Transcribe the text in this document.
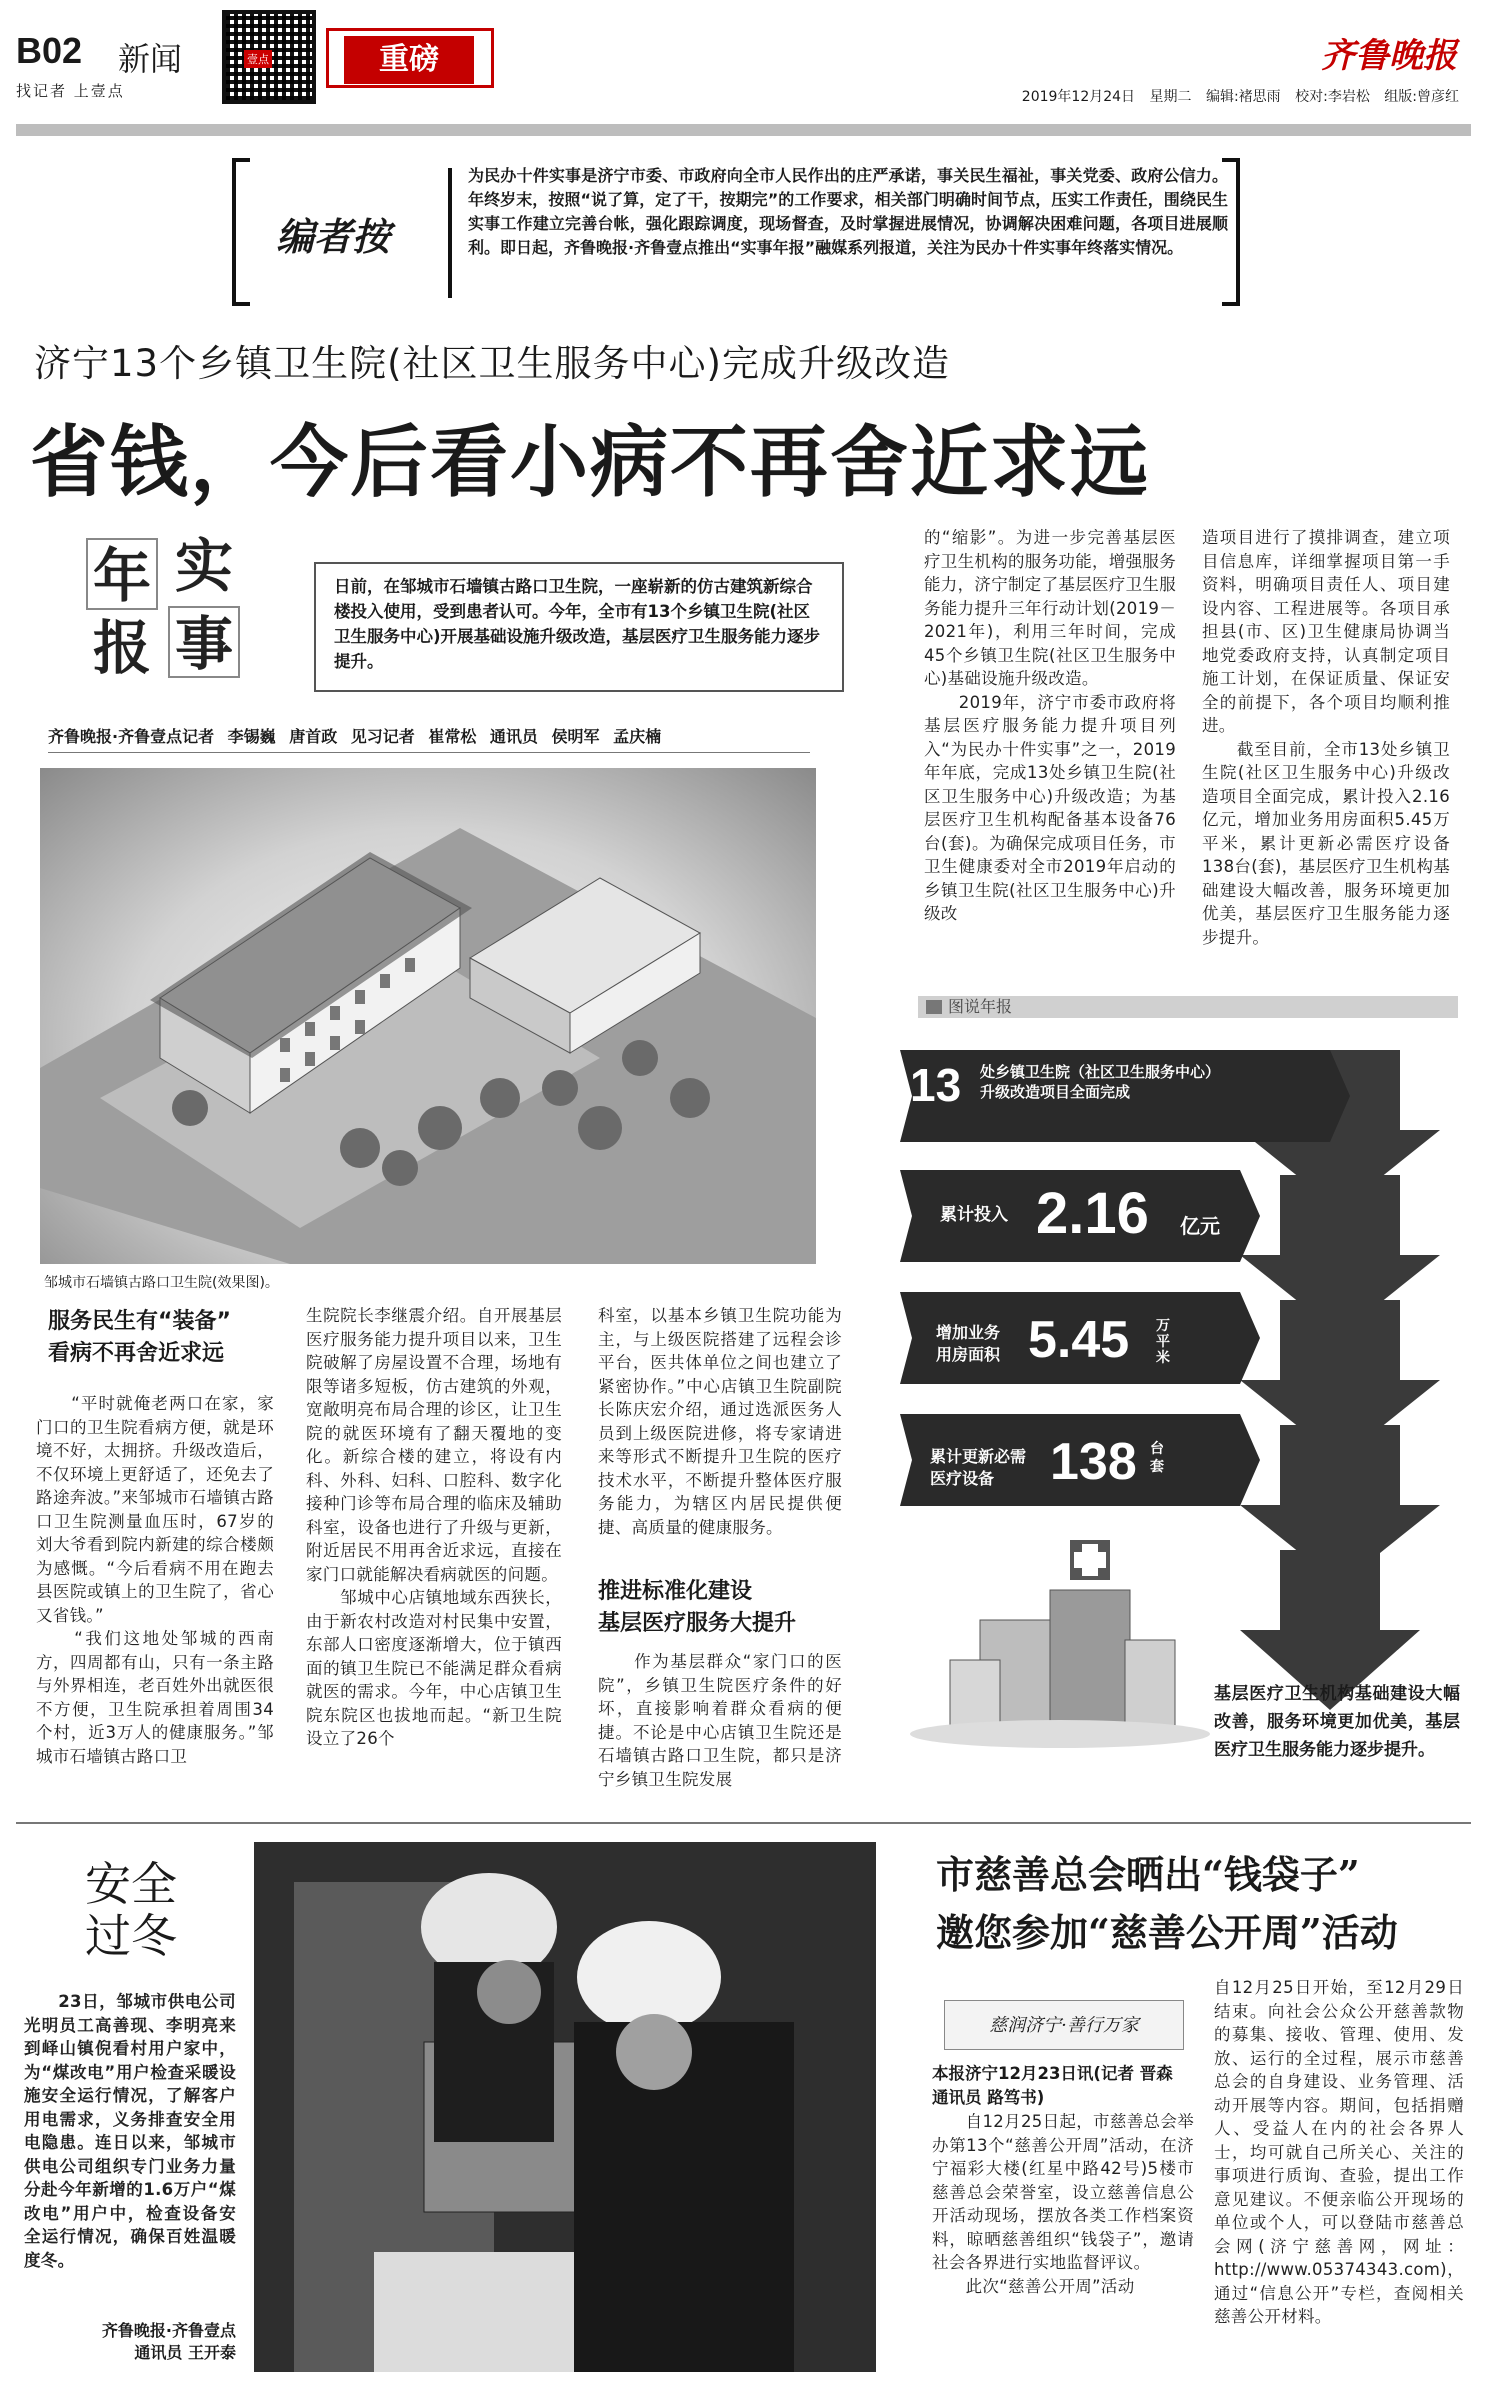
B02 新闻
找记者 上壹点
壹点	重磅	齐鲁晚报
2019年12月24日 星期二 编辑:褚思雨 校对:李岩松 组版:曾彦红
编者按
为民办十件实事是济宁市委、市政府向全市人民作出的庄严承诺，事关民生福祉，事关党委、政府公信力。年终岁末，按照“说了算，定了干，按期完”的工作要求，相关部门明确时间节点，压实工作责任，围绕民生实事工作建立完善台帐，强化跟踪调度，现场督查，及时掌握进展情况，协调解决困难问题，各项目进展顺利。即日起，齐鲁晚报·齐鲁壹点推出“实事年报”融媒系列报道，关注为民办十件实事年终落实情况。
济宁13个乡镇卫生院(社区卫生服务中心)完成升级改造
省钱，今后看小病不再舍近求远
年 实
报 事
日前，在邹城市石墙镇古路口卫生院，一座崭新的仿古建筑新综合楼投入使用，受到患者认可。今年，全市有13个乡镇卫生院(社区卫生服务中心)开展基础设施升级改造，基层医疗卫生服务能力逐步提升。
齐鲁晚报·齐鲁壹点记者 李锡巍 唐首政 见习记者 崔常松 通讯员 侯明军 孟庆楠
邹城市石墙镇古路口卫生院(效果图)。
的“缩影”。为进一步完善基层医疗卫生机构的服务功能，增强服务能力，济宁制定了基层医疗卫生服务能力提升三年行动计划(2019－2021年)，利用三年时间，完成45个乡镇卫生院(社区卫生服务中心)基础设施升级改造。
　　2019年，济宁市委市政府将基层医疗服务能力提升项目列入“为民办十件实事”之一，2019年年底，完成13处乡镇卫生院(社区卫生服务中心)升级改造；为基层医疗卫生机构配备基本设备76台(套)。为确保完成项目任务，市卫生健康委对全市2019年启动的乡镇卫生院(社区卫生服务中心)升级改
造项目进行了摸排调查，建立项目信息库，详细掌握项目第一手资料，明确项目责任人、项目建设内容、工程进展等。各项目承担县(市、区)卫生健康局协调当地党委政府支持，认真制定项目施工计划，在保证质量、保证安全的前提下，各个项目均顺利推进。
　　截至目前，全市13处乡镇卫生院(社区卫生服务中心)升级改造项目全面完成，累计投入2.16亿元，增加业务用房面积5.45万平米，累计更新必需医疗设备138台(套)，基层医疗卫生机构基础建设大幅改善，服务环境更加优美，基层医疗卫生服务能力逐步提升。
图说年报
13 处乡镇卫生院（社区卫生服务中心）
升级改造项目全面完成
累计投入 2.16 亿元
增加业务
用房面积 5.45 万平米
累计更新必需
医疗设备	138 台套
基层医疗卫生机构基础建设大幅改善，服务环境更加优美，基层医疗卫生服务能力逐步提升。
服务民生有“装备”
看病不再舍近求远
　　“平时就俺老两口在家，家门口的卫生院看病方便，就是环境不好，太拥挤。升级改造后，不仅环境上更舒适了，还免去了路途奔波。”来邹城市石墙镇古路口卫生院测量血压时，67岁的刘大爷看到院内新建的综合楼颇为感慨。“今后看病不用在跑去县医院或镇上的卫生院了，省心又省钱。”
　　“我们这地处邹城的西南方，四周都有山，只有一条主路与外界相连，老百姓外出就医很不方便，卫生院承担着周围34个村，近3万人的健康服务。”邹城市石墙镇古路口卫
生院院长李继震介绍。自开展基层医疗服务能力提升项目以来，卫生院破解了房屋设置不合理，场地有限等诸多短板，仿古建筑的外观，宽敞明亮布局合理的诊区，让卫生院的就医环境有了翻天覆地的变化。新综合楼的建立，将设有内科、外科、妇科、口腔科、数字化接种门诊等布局合理的临床及辅助科室，设备也进行了升级与更新，附近居民不用再舍近求远，直接在家门口就能解决看病就医的问题。
　　邹城中心店镇地域东西狭长，由于新农村改造对村民集中安置，东部人口密度逐渐增大，位于镇西面的镇卫生院已不能满足群众看病就医的需求。今年，中心店镇卫生院东院区也拔地而起。“新卫生院设立了26个
科室，以基本乡镇卫生院功能为主，与上级医院搭建了远程会诊平台，医共体单位之间也建立了紧密协作。”中心店镇卫生院副院长陈庆宏介绍，通过选派医务人员到上级医院进修，将专家请进来等形式不断提升卫生院的医疗技术水平，不断提升整体医疗服务能力，为辖区内居民提供便捷、高质量的健康服务。
推进标准化建设
基层医疗服务大提升
　　作为基层群众“家门口的医院”，乡镇卫生院医疗条件的好坏，直接影响着群众看病的便捷。不论是中心店镇卫生院还是石墙镇古路口卫生院，都只是济宁乡镇卫生院发展
安全
过冬
　　23日，邹城市供电公司光明员工高善现、李明亮来到峄山镇倪看村用户家中，为“煤改电”用户检查采暖设施安全运行情况，了解客户用电需求，义务排查安全用电隐患。连日以来，邹城市供电公司组织专门业务力量分赴今年新增的1.6万户“煤改电”用户中，检查设备安全运行情况，确保百姓温暖度冬。
齐鲁晚报·齐鲁壹点
通讯员 王开泰
市慈善总会晒出“钱袋子”
邀您参加“慈善公开周”活动
慈润济宁·善行万家
本报济宁12月23日讯(记者 晋森 通讯员 路笃书)
　　自12月25日起，市慈善总会举办第13个“慈善公开周”活动，在济宁福彩大楼(红星中路42号)5楼市慈善总会荣誉室，设立慈善信息公开活动现场，摆放各类工作档案资料，晾晒慈善组织“钱袋子”，邀请社会各界进行实地监督评议。
　　此次“慈善公开周”活动
自12月25日开始，至12月29日结束。向社会公众公开慈善款物的募集、接收、管理、使用、发放、运行的全过程，展示市慈善总会的自身建设、业务管理、活动开展等内容。期间，包括捐赠人、受益人在内的社会各界人士，均可就自己所关心、关注的事项进行质询、查验，提出工作意见建议。不便亲临公开现场的单位或个人，可以登陆市慈善总会网(济宁慈善网，网址：http://www.05374343.com)，通过“信息公开”专栏，查阅相关慈善公开材料。
